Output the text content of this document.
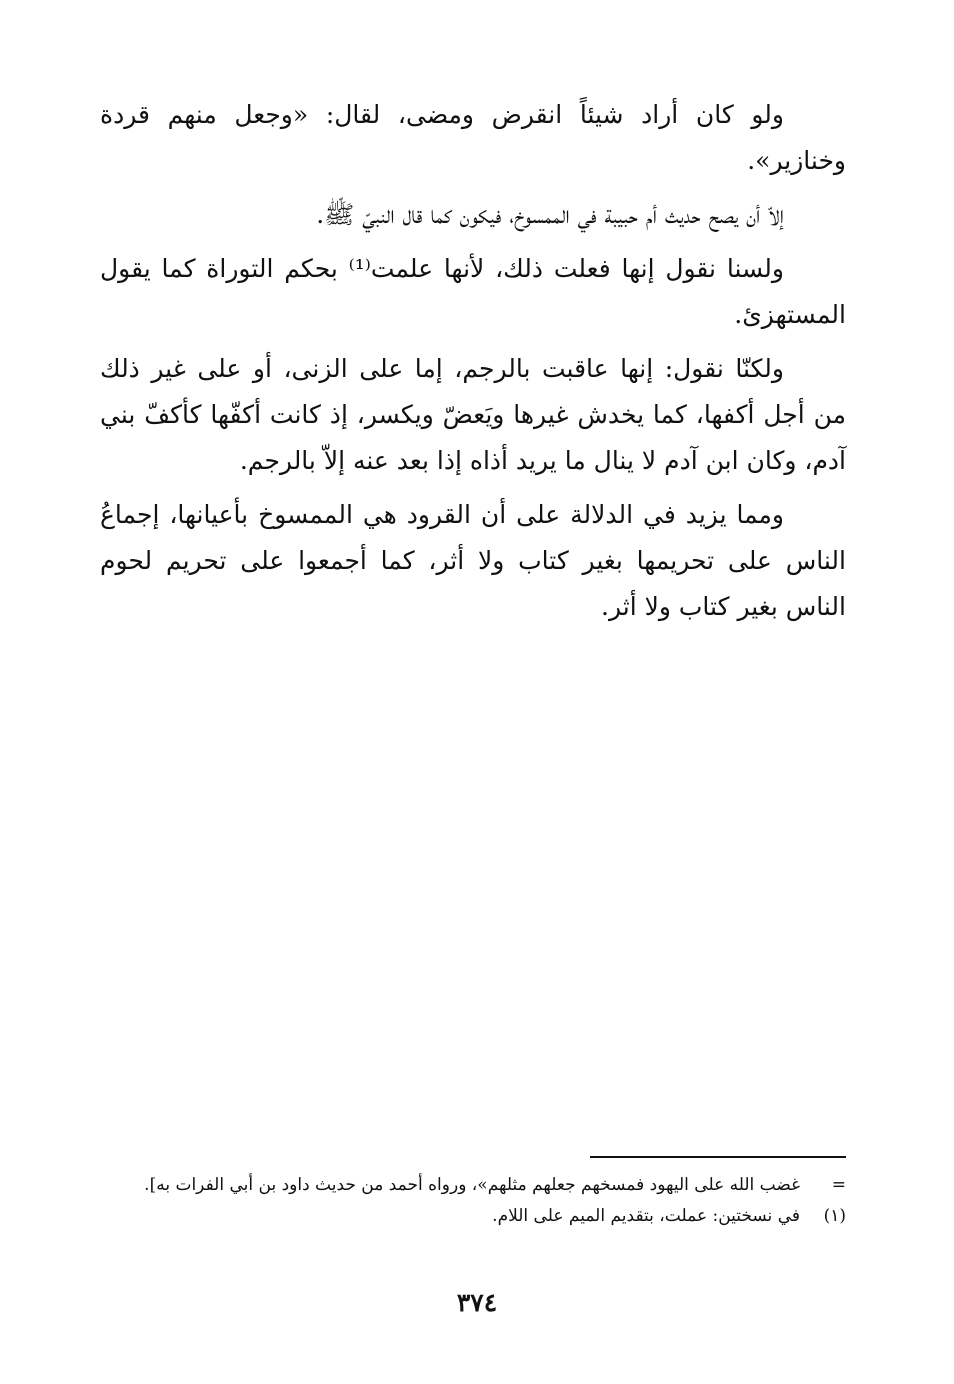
ولو كان أراد شيئاً انقرض ومضى، لقال: «وجعل منهم قردة وخنازير».

إلاّ أن يصح حديث أم حبيبة في الممسوخ، فيكون كما قال النبيّ ﷺ.

ولسنا نقول إنها فعلت ذلك، لأنها علمت⁽¹⁾ بحكم التوراة كما يقول المستهزئ.

ولكنّا نقول: إنها عاقبت بالرجم، إما على الزنى، أو على غير ذلك من أجل أكفها، كما يخدش غيرها ويَعضّ ويكسر، إذ كانت أكفّها كأكفّ بني آدم، وكان ابن آدم لا ينال ما يريد أذاه إذا بعد عنه إلاّ بالرجم.

ومما يزيد في الدلالة على أن القرود هي الممسوخ بأعيانها، إجماعُ الناس على تحريمها بغير كتاب ولا أثر، كما أجمعوا على تحريم لحوم الناس بغير كتاب ولا أثر.

=
غضب الله على اليهود فمسخهم جعلهم مثلهم»، ورواه أحمد من حديث داود بن أبي الفرات به].
(١)
في نسختين: عملت، بتقديم الميم على اللام.
٣٧٤
